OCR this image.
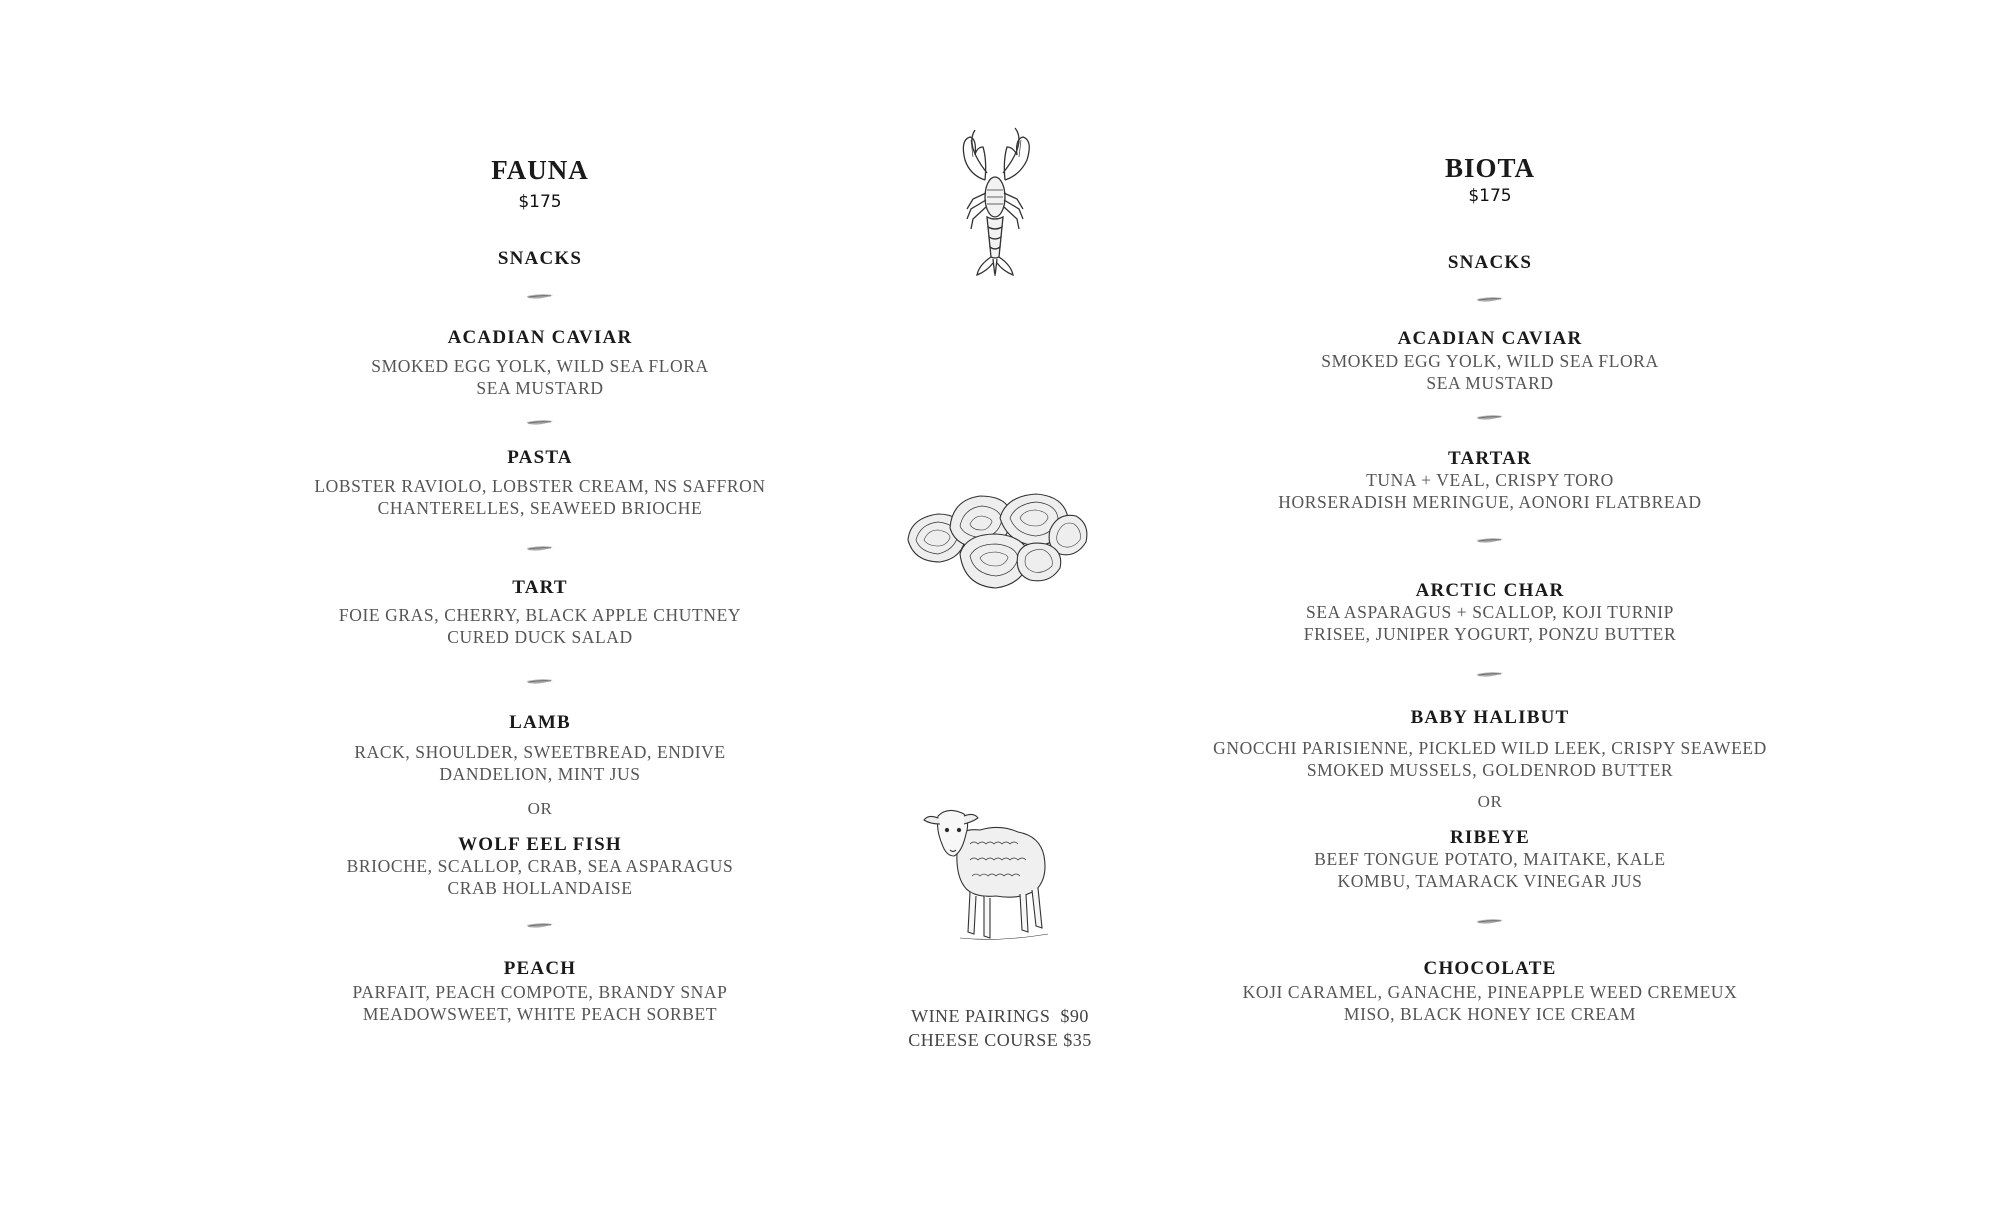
FAUNA
$175
SNACKS
ACADIAN CAVIAR
SMOKED EGG YOLK, WILD SEA FLORA
SEA MUSTARD
PASTA
LOBSTER RAVIOLO, LOBSTER CREAM, NS SAFFRON
CHANTERELLES, SEAWEED BRIOCHE
TART
FOIE GRAS, CHERRY, BLACK APPLE CHUTNEY
CURED DUCK SALAD
LAMB
RACK, SHOULDER, SWEETBREAD, ENDIVE
DANDELION, MINT JUS
OR
WOLF EEL FISH
BRIOCHE, SCALLOP, CRAB, SEA ASPARAGUS
CRAB HOLLANDAISE
PEACH
PARFAIT, PEACH COMPOTE, BRANDY SNAP
MEADOWSWEET, WHITE PEACH SORBET
BIOTA
$175
SNACKS
ACADIAN CAVIAR
SMOKED EGG YOLK, WILD SEA FLORA
SEA MUSTARD
TARTAR
TUNA + VEAL, CRISPY TORO
HORSERADISH MERINGUE, AONORI FLATBREAD
ARCTIC CHAR
SEA ASPARAGUS + SCALLOP, KOJI TURNIP
FRISEE, JUNIPER YOGURT, PONZU BUTTER
BABY HALIBUT
GNOCCHI PARISIENNE, PICKLED WILD LEEK, CRISPY SEAWEED
SMOKED MUSSELS, GOLDENROD BUTTER
OR
RIBEYE
BEEF TONGUE POTATO, MAITAKE, KALE
KOMBU, TAMARACK VINEGAR JUS
CHOCOLATE
KOJI CARAMEL, GANACHE, PINEAPPLE WEED CREMEUX
MISO, BLACK HONEY ICE CREAM
WINE PAIRINGS  $90
CHEESE COURSE $35
